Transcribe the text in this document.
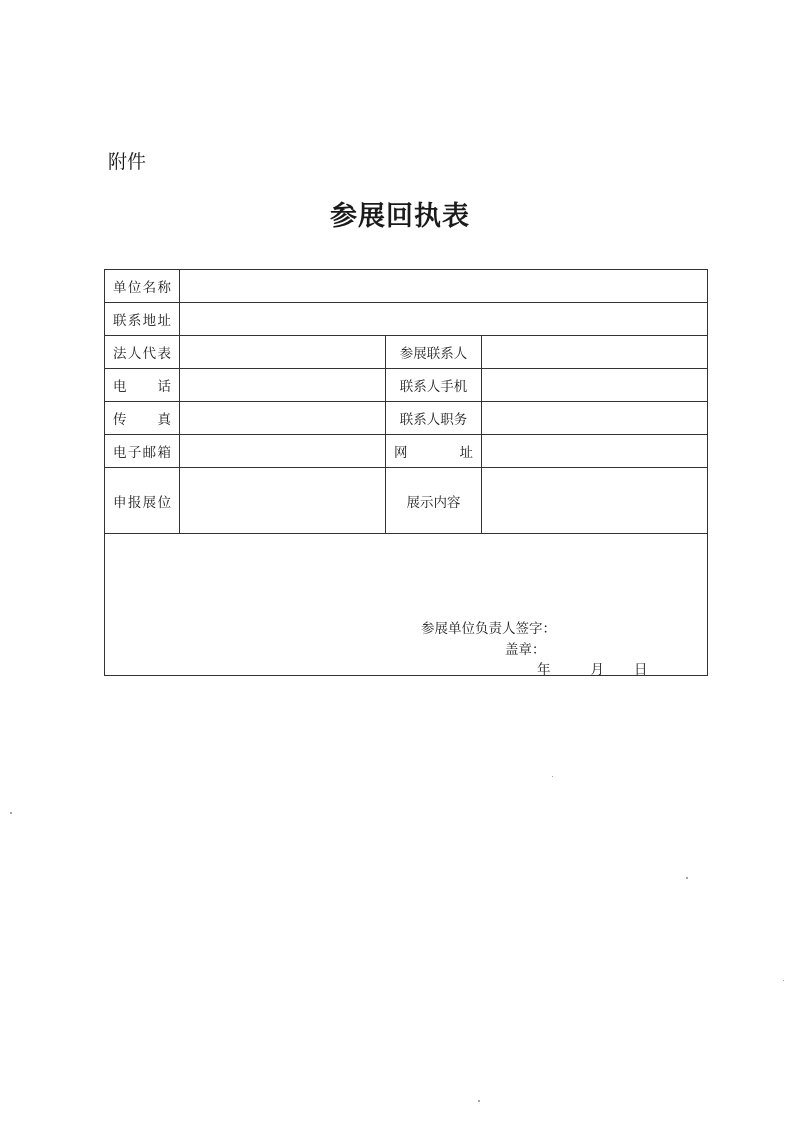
附件
参展回执表
单位名称			
联系地址			
法人代表		参展联系人	
电　话		联系人手机	
传　真		联系人职务	
电子邮箱		网　址	
申报展位		展示内容	

参展单位负责人签字：
盖章：
年 月 日			
